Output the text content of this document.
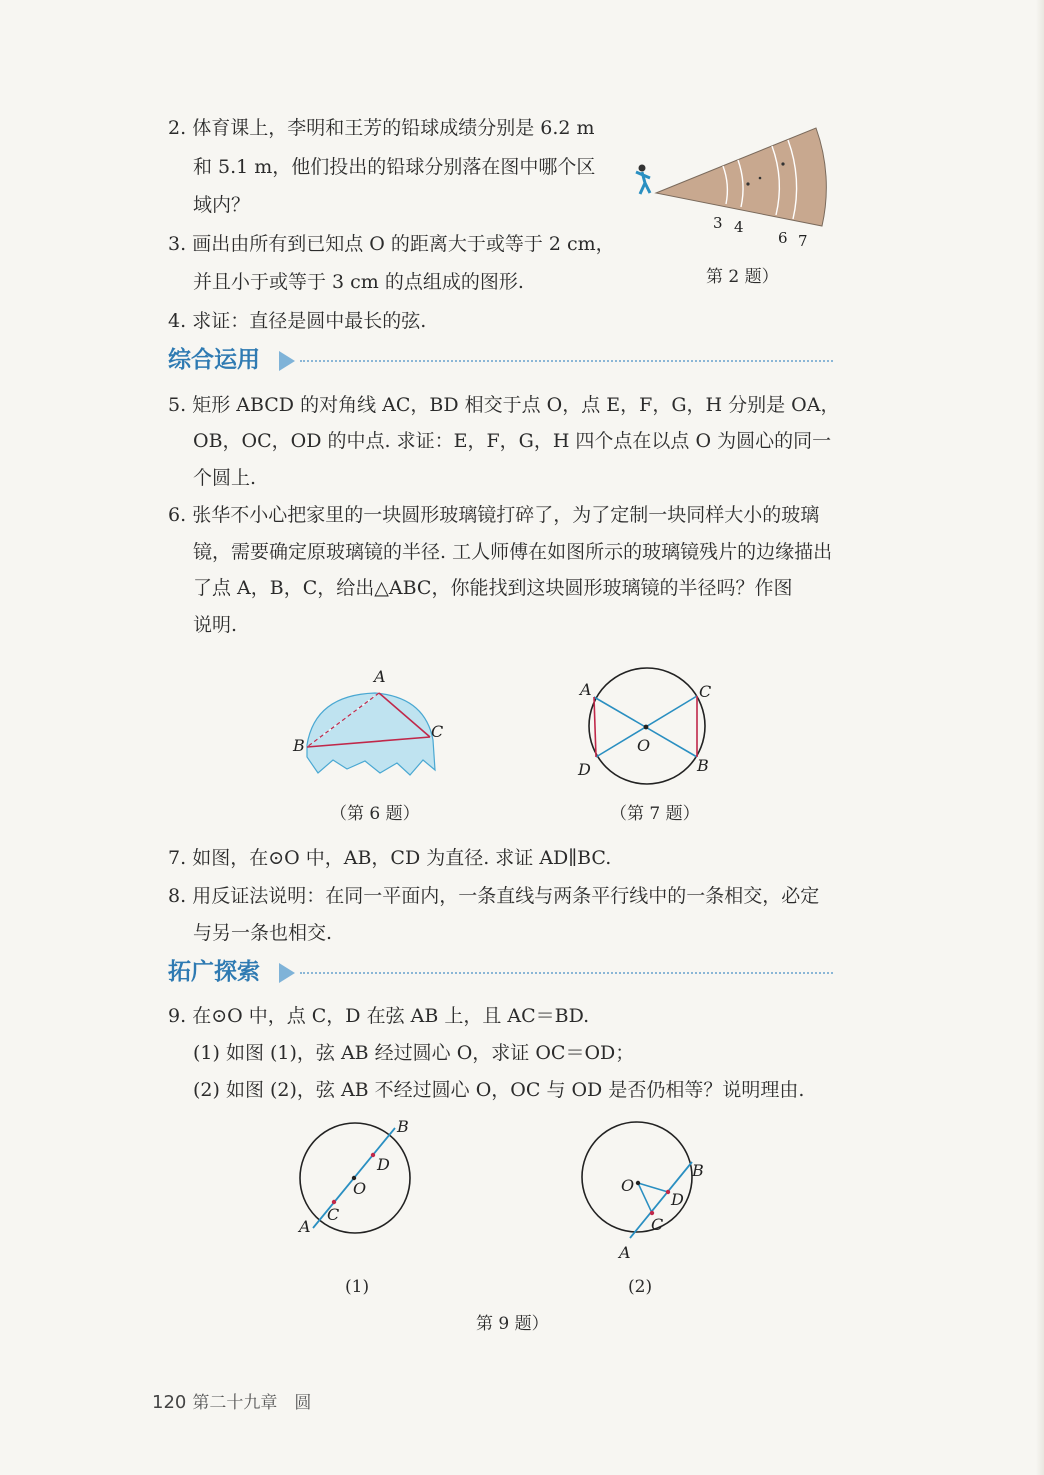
2. 体育课上，李明和王芳的铅球成绩分别是 6.2 m
和 5.1 m，他们投出的铅球分别落在图中哪个区
域内？
3 4
6 7
第 2 题）
3. 画出由所有到已知点 O 的距离大于或等于 2 cm，
并且小于或等于 3 cm 的点组成的图形.
4. 求证：直径是圆中最长的弦.
综合运用
5. 矩形 ABCD 的对角线 AC，BD 相交于点 O，点 E，F，G，H 分别是 OA，
OB，OC，OD 的中点. 求证：E，F，G，H 四个点在以点 O 为圆心的同一
个圆上.
6. 张华不小心把家里的一块圆形玻璃镜打碎了，为了定制一块同样大小的玻璃
镜，需要确定原玻璃镜的半径. 工人师傅在如图所示的玻璃镜残片的边缘描出
了点 A，B，C，给出△ABC，你能找到这块圆形玻璃镜的半径吗？作图
说明.
A
B
C
（第 6 题）
A	C
O
D	B
（第 7 题）
7. 如图，在⊙O 中，AB，CD 为直径. 求证 AD∥BC.
8. 用反证法说明：在同一平面内，一条直线与两条平行线中的一条相交，必定
与另一条也相交.
拓广探索
9. 在⊙O 中，点 C，D 在弦 AB 上，且 AC＝BD.
(1) 如图 (1)，弦 AB 经过圆心 O，求证 OC＝OD；
(2) 如图 (2)，弦 AB 不经过圆心 O，OC 与 OD 是否仍相等？说明理由.
B
D
O
C
A
(1)
B
O
D
C
A
(2)
第 9 题）
120 第二十九章　圆
